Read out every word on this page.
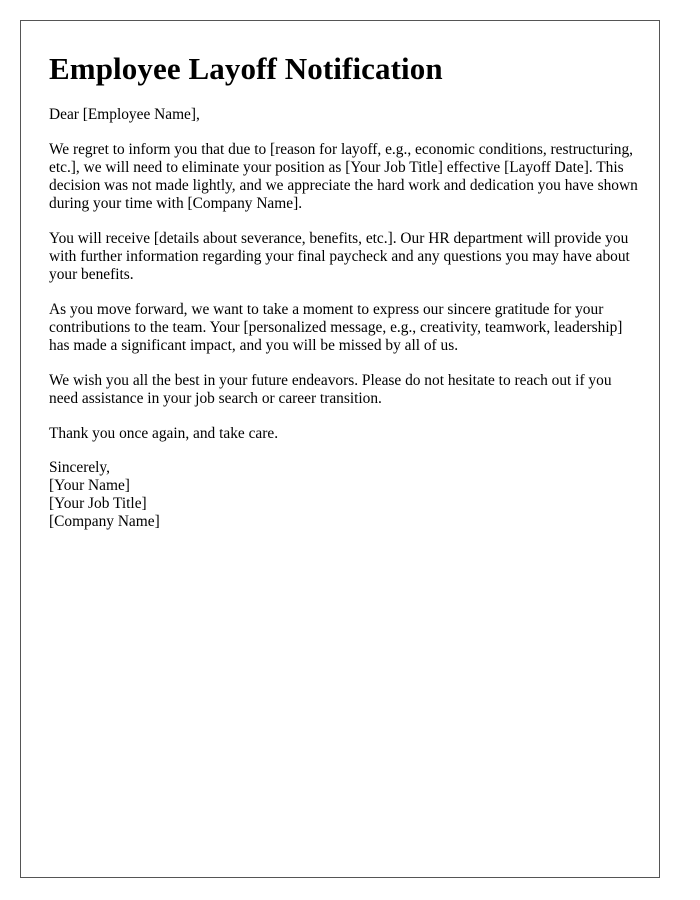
Employee Layoff Notification

Dear [Employee Name],

We regret to inform you that due to [reason for layoff, e.g., economic conditions, restructuring, etc.], we will need to eliminate your position as [Your Job Title] effective [Layoff Date]. This decision was not made lightly, and we appreciate the hard work and dedication you have shown during your time with [Company Name].

You will receive [details about severance, benefits, etc.]. Our HR department will provide you with further information regarding your final paycheck and any questions you may have about your benefits.

As you move forward, we want to take a moment to express our sincere gratitude for your contributions to the team. Your [personalized message, e.g., creativity, teamwork, leadership] has made a significant impact, and you will be missed by all of us.

We wish you all the best in your future endeavors. Please do not hesitate to reach out if you need assistance in your job search or career transition.

Thank you once again, and take care.

Sincerely,
[Your Name]
[Your Job Title]
[Company Name]
